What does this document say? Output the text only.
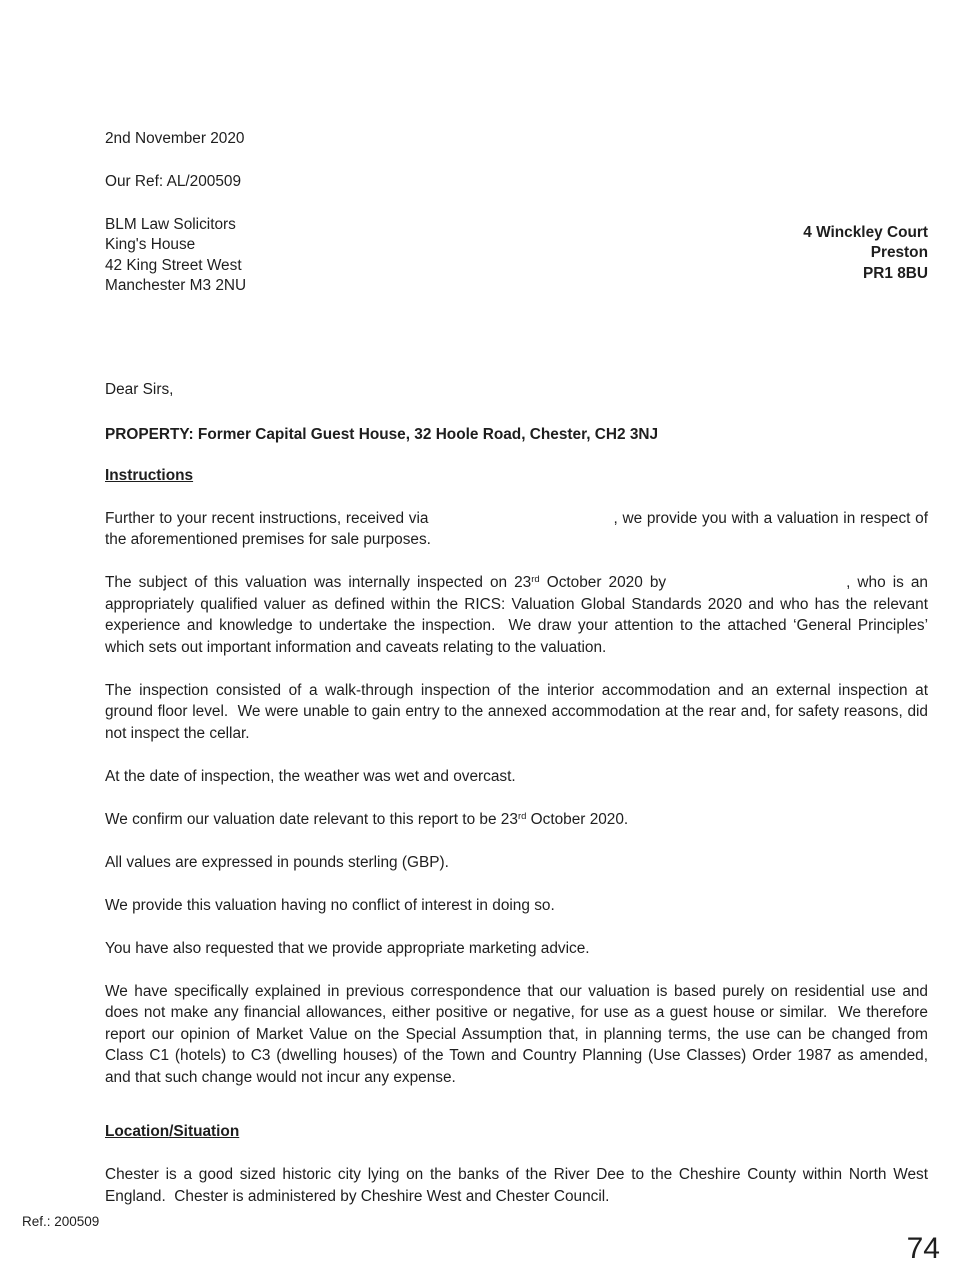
2nd November 2020

Our Ref: AL/200509

BLM Law Solicitors
King's House
42 King Street West
Manchester M3 2NU
4 Winckley Court
Preston
PR1 8BU

Dear Sirs,

PROPERTY: Former Capital Guest House, 32 Hoole Road, Chester, CH2 3NJ

Instructions

Further to your recent instructions, received via	, we provide you with a valuation in respect of the aforementioned premises for sale purposes.

The subject of this valuation was internally inspected on 23rd October 2020 by	, who is an appropriately qualified valuer as defined within the RICS: Valuation Global Standards 2020 and who has the relevant experience and knowledge to undertake the inspection.  We draw your attention to the attached ‘General Principles’ which sets out important information and caveats relating to the valuation.

The inspection consisted of a walk-through inspection of the interior accommodation and an external inspection at ground floor level.  We were unable to gain entry to the annexed accommodation at the rear and, for safety reasons, did not inspect the cellar.

At the date of inspection, the weather was wet and overcast.

We confirm our valuation date relevant to this report to be 23rd October 2020.

All values are expressed in pounds sterling (GBP).

We provide this valuation having no conflict of interest in doing so.

You have also requested that we provide appropriate marketing advice.

We have specifically explained in previous correspondence that our valuation is based purely on residential use and does not make any financial allowances, either positive or negative, for use as a guest house or similar.  We therefore report our opinion of Market Value on the Special Assumption that, in planning terms, the use can be changed from Class C1 (hotels) to C3 (dwelling houses) of the Town and Country Planning (Use Classes) Order 1987 as amended, and that such change would not incur any expense.

Location/Situation

Chester is a good sized historic city lying on the banks of the River Dee to the Cheshire County within North West England.  Chester is administered by Cheshire West and Chester Council.

Ref.: 200509
74
